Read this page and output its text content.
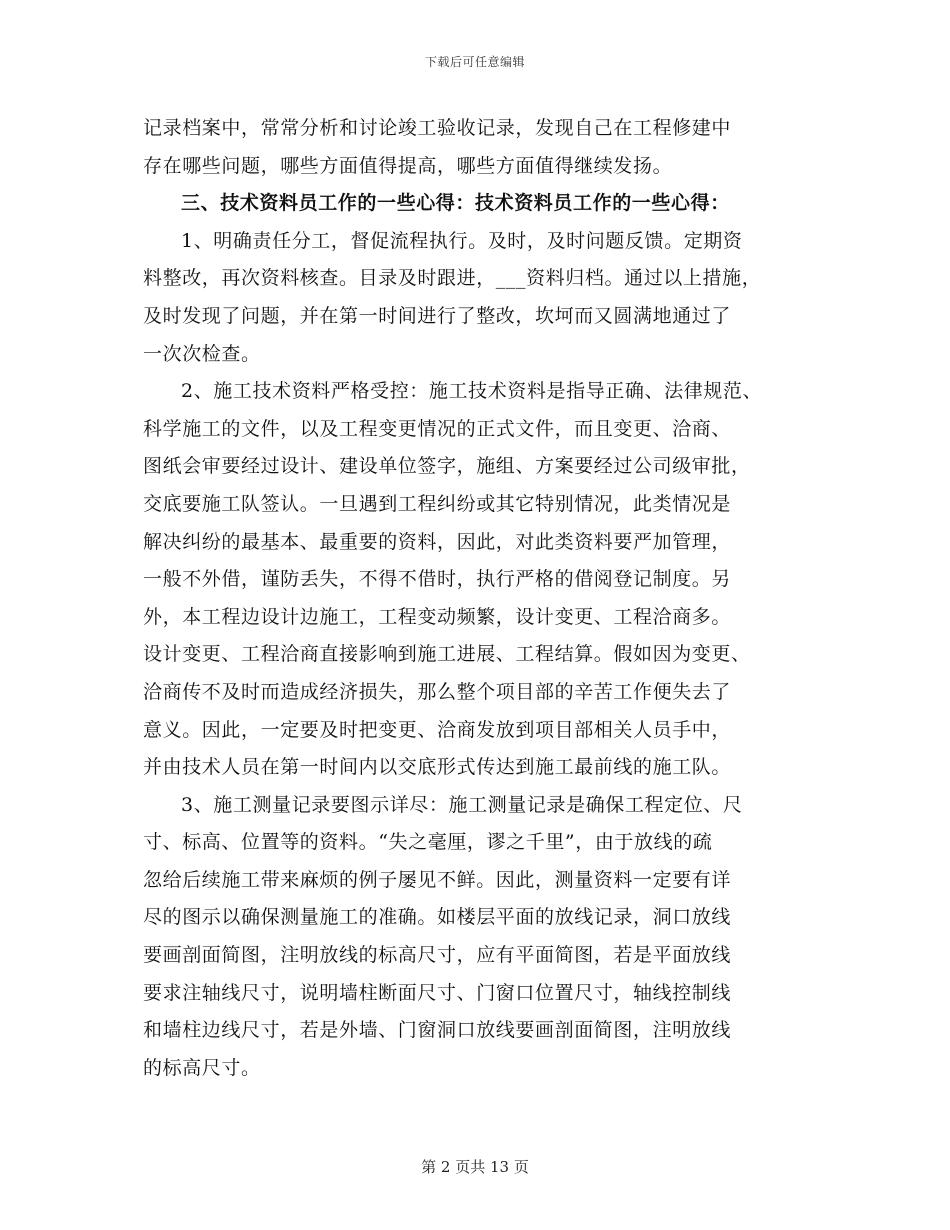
下载后可任意编辑
记录档案中，常常分析和讨论竣工验收记录，发现自己在工程修建中
存在哪些问题，哪些方面值得提高，哪些方面值得继续发扬。
三、技术资料员工作的一些心得：技术资料员工作的一些心得：
1、明确责任分工，督促流程执行。及时，及时问题反馈。定期资
料整改，再次资料核查。目录及时跟进，___资料归档。通过以上措施，
及时发现了问题，并在第一时间进行了整改，坎坷而又圆满地通过了
一次次检查。
2、施工技术资料严格受控：施工技术资料是指导正确、法律规范、
科学施工的文件，以及工程变更情况的正式文件，而且变更、洽商、
图纸会审要经过设计、建设单位签字，施组、方案要经过公司级审批，
交底要施工队签认。一旦遇到工程纠纷或其它特别情况，此类情况是
解决纠纷的最基本、最重要的资料，因此，对此类资料要严加管理，
一般不外借，谨防丢失，不得不借时，执行严格的借阅登记制度。另
外，本工程边设计边施工，工程变动频繁，设计变更、工程洽商多。
设计变更、工程洽商直接影响到施工进展、工程结算。假如因为变更、
洽商传不及时而造成经济损失，那么整个项目部的辛苦工作便失去了
意义。因此，一定要及时把变更、洽商发放到项目部相关人员手中，
并由技术人员在第一时间内以交底形式传达到施工最前线的施工队。
3、施工测量记录要图示详尽：施工测量记录是确保工程定位、尺
寸、标高、位置等的资料。“失之毫厘，谬之千里”，由于放线的疏
忽给后续施工带来麻烦的例子屡见不鲜。因此，测量资料一定要有详
尽的图示以确保测量施工的准确。如楼层平面的放线记录，洞口放线
要画剖面简图，注明放线的标高尺寸，应有平面简图，若是平面放线
要求注轴线尺寸，说明墙柱断面尺寸、门窗口位置尺寸，轴线控制线
和墙柱边线尺寸，若是外墙、门窗洞口放线要画剖面简图，注明放线
的标高尺寸。
第 2 页共 13 页
